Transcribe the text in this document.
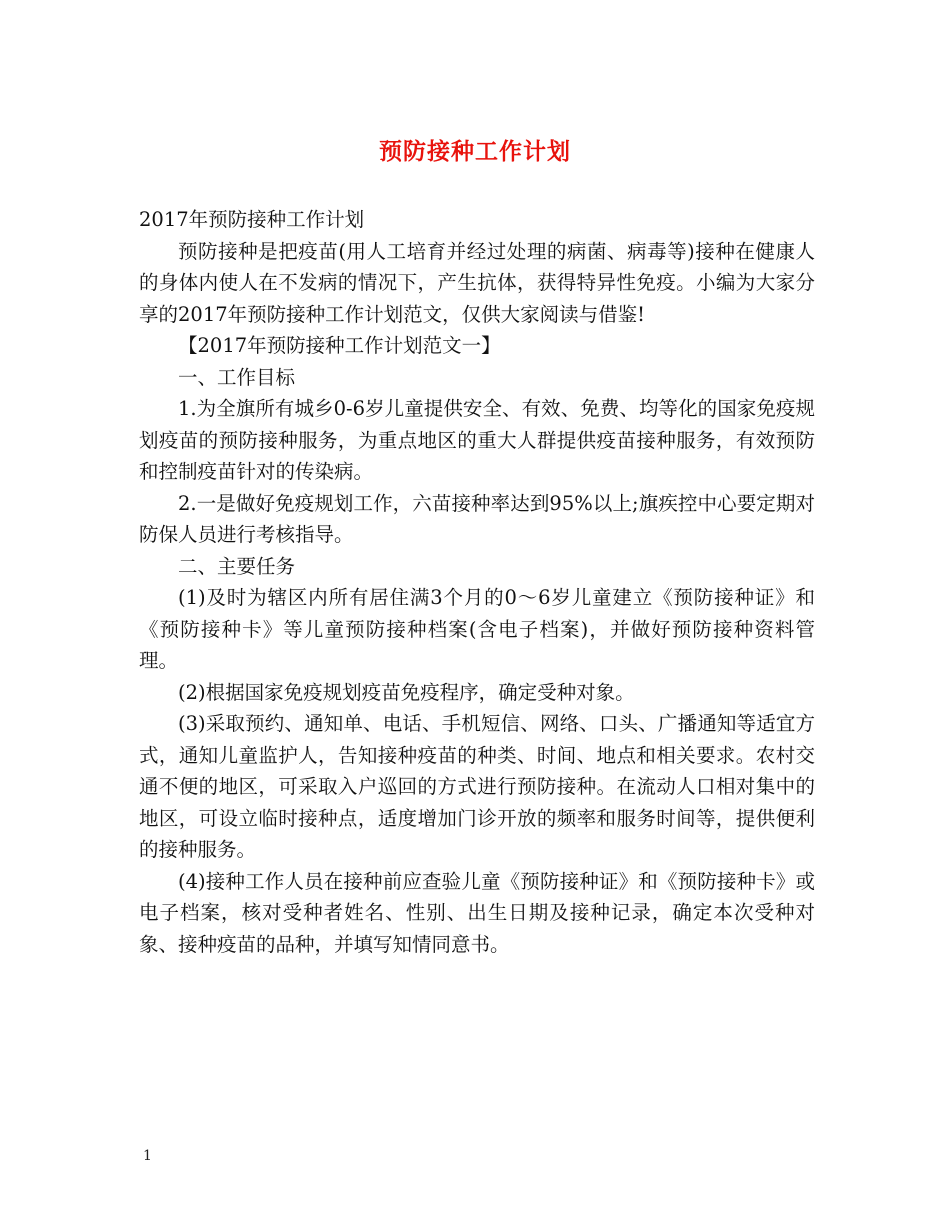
预防接种工作计划

2017年预防接种工作计划

预防接种是把疫苗(用人工培育并经过处理的病菌、病毒等)接种在健康人的身体内使人在不发病的情况下，产生抗体，获得特异性免疫。小编为大家分享的2017年预防接种工作计划范文，仅供大家阅读与借鉴!

【2017年预防接种工作计划范文一】

一、工作目标

1.为全旗所有城乡0-6岁儿童提供安全、有效、免费、均等化的国家免疫规划疫苗的预防接种服务，为重点地区的重大人群提供疫苗接种服务，有效预防和控制疫苗针对的传染病。

2.一是做好免疫规划工作，六苗接种率达到95%以上;旗疾控中心要定期对防保人员进行考核指导。

二、主要任务

(1)及时为辖区内所有居住满3个月的0～6岁儿童建立《预防接种证》和《预防接种卡》等儿童预防接种档案(含电子档案)，并做好预防接种资料管理。

(2)根据国家免疫规划疫苗免疫程序，确定受种对象。

(3)采取预约、通知单、电话、手机短信、网络、口头、广播通知等适宜方式，通知儿童监护人，告知接种疫苗的种类、时间、地点和相关要求。农村交通不便的地区，可采取入户巡回的方式进行预防接种。在流动人口相对集中的地区，可设立临时接种点，适度增加门诊开放的频率和服务时间等，提供便利的接种服务。

(4)接种工作人员在接种前应查验儿童《预防接种证》和《预防接种卡》或电子档案，核对受种者姓名、性别、出生日期及接种记录，确定本次受种对象、接种疫苗的品种，并填写知情同意书。

1
